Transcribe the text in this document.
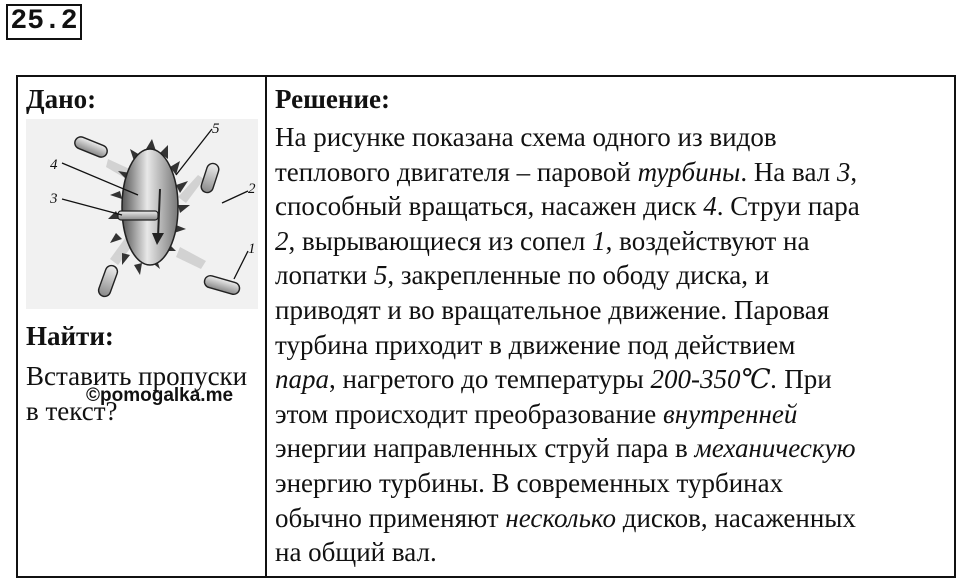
25.2
Дано:
4
3
5
2
1
Найти:
Вставить пропуски в текст?
©pomogalka.me
Решение:

На рисунке показана схема одного из видов

теплового двигателя – паровой турбины. На вал 3,

способный вращаться, насажен диск 4. Струи пара

2, вырывающиеся из сопел 1, воздействуют на

лопатки 5, закрепленные по ободу диска, и

приводят и во вращательное движение. Паровая

турбина приходит в движение под действием

пара, нагретого до температуры 200-350℃. При

этом происходит преобразование внутренней

энергии направленных струй пара в механическую

энергию турбины. В современных турбинах

обычно применяют несколько дисков, насаженных

на общий вал.
